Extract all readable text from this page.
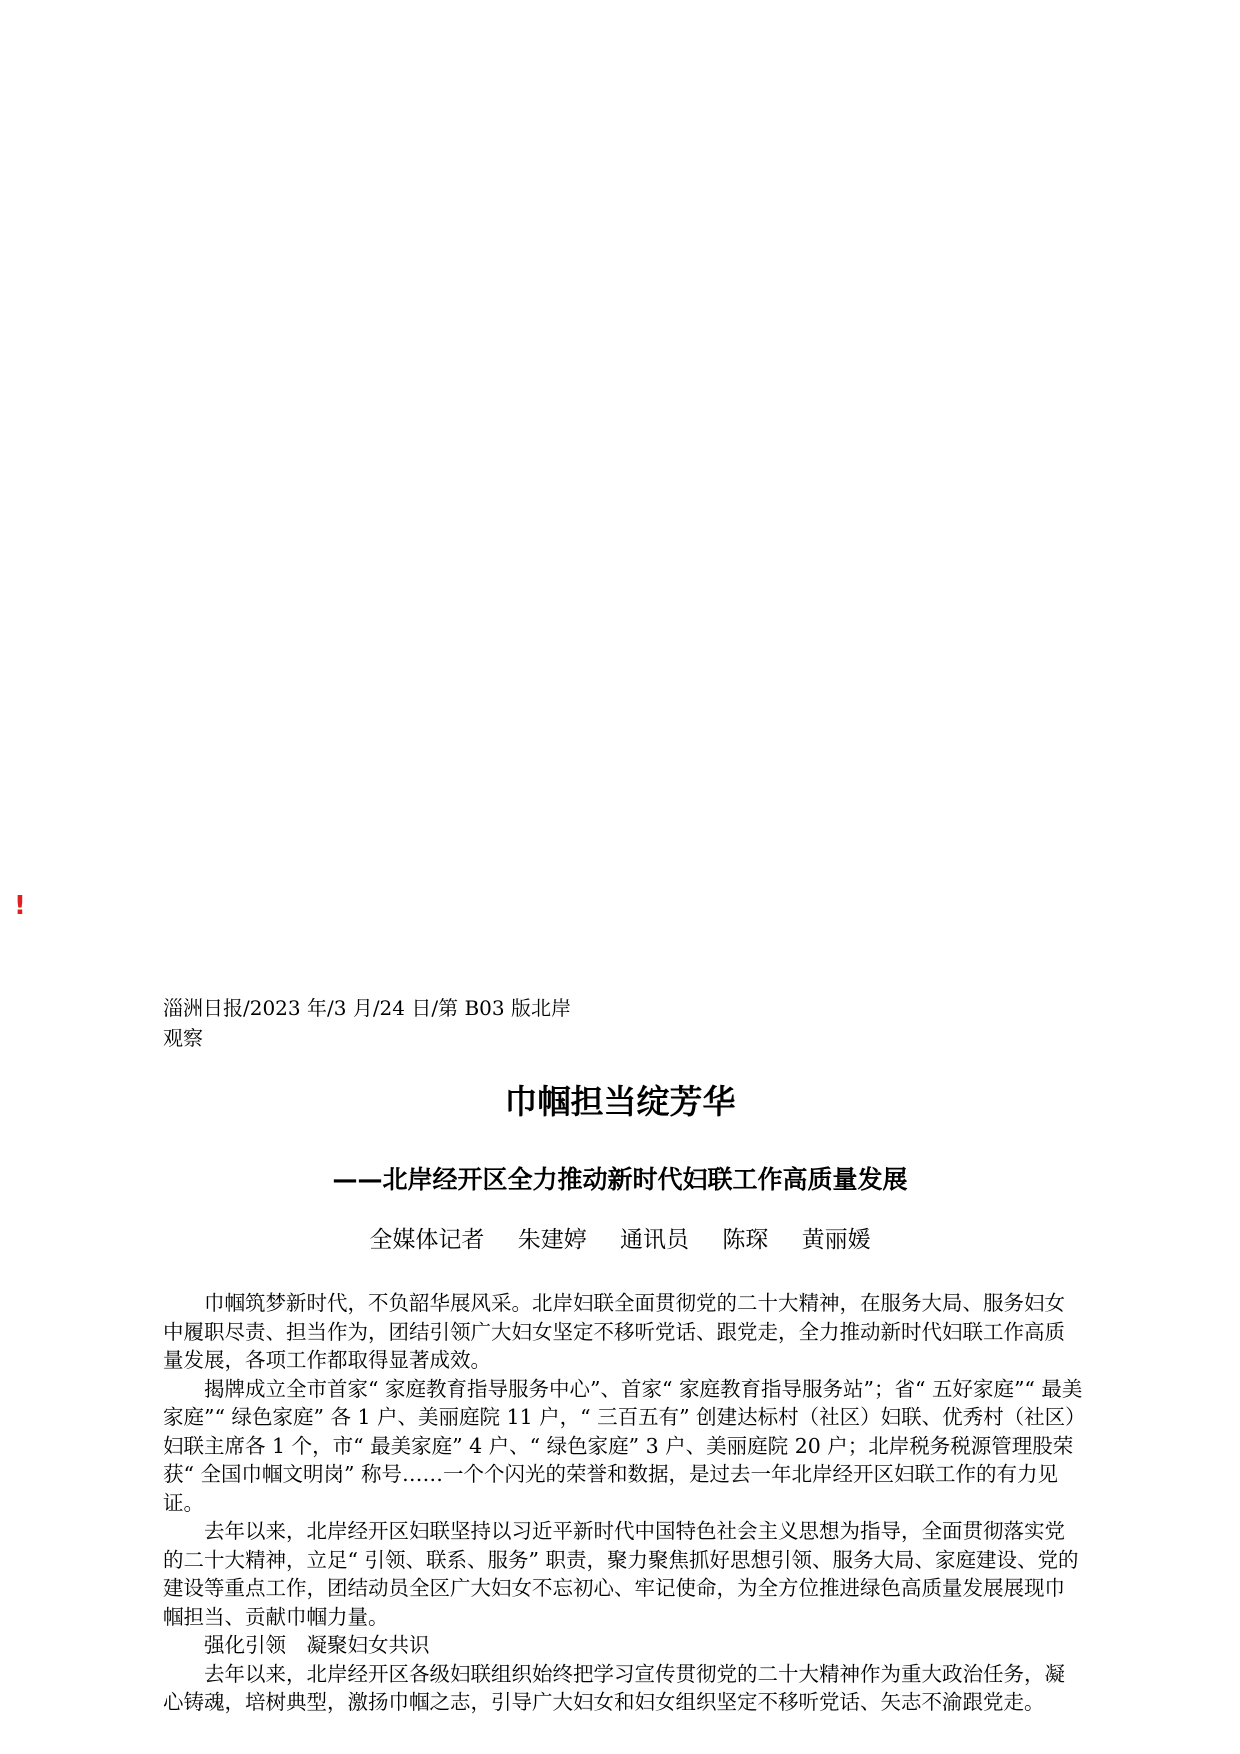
!
淄洲日报/2023 年/3 月/24 日/第 B03 版北岸观察
巾帼担当绽芳华
——北岸经开区全力推动新时代妇联工作高质量发展
全媒体记者 朱建婷 通讯员 陈琛 黄丽媛

巾帼筑梦新时代，不负韶华展风采。北岸妇联全面贯彻党的二十大精神，在服务大局、服务妇女中履职尽责、担当作为，团结引领广大妇女坚定不移听党话、跟党走，全力推动新时代妇联工作高质量发展，各项工作都取得显著成效。

揭牌成立全市首家“ 家庭教育指导服务中心”、首家“ 家庭教育指导服务站”；省“ 五好家庭”“ 最美家庭”“ 绿色家庭” 各 1 户、美丽庭院 11 户，“ 三百五有” 创建达标村（社区）妇联、优秀村（社区）妇联主席各 1 个，市“ 最美家庭” 4 户、“ 绿色家庭” 3 户、美丽庭院 20 户；北岸税务税源管理股荣获“ 全国巾帼文明岗” 称号……一个个闪光的荣誉和数据，是过去一年北岸经开区妇联工作的有力见证。

去年以来，北岸经开区妇联坚持以习近平新时代中国特色社会主义思想为指导，全面贯彻落实党的二十大精神，立足“ 引领、联系、服务” 职责，聚力聚焦抓好思想引领、服务大局、家庭建设、党的建设等重点工作，团结动员全区广大妇女不忘初心、牢记使命，为全方位推进绿色高质量发展展现巾帼担当、贡献巾帼力量。

强化引领　凝聚妇女共识

去年以来，北岸经开区各级妇联组织始终把学习宣传贯彻党的二十大精神作为重大政治任务，凝心铸魂，培树典型，激扬巾帼之志，引导广大妇女和妇女组织坚定不移听党话、矢志不渝跟党走。
